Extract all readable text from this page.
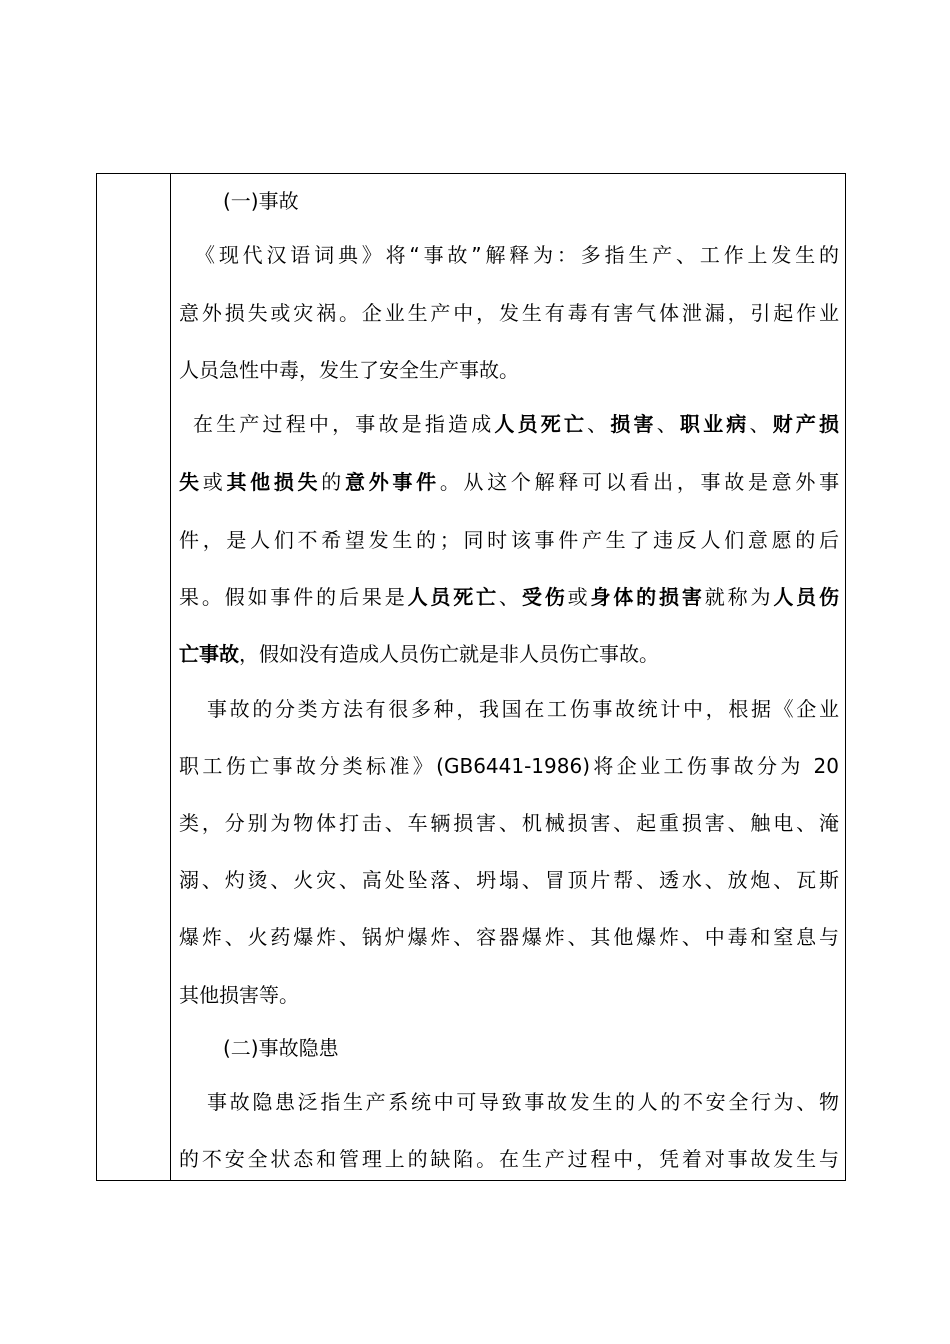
(一)事故
《现代汉语词典》将“事故”解释为：多指生产、工作上发生的
意外损失或灾祸。企业生产中，发生有毒有害气体泄漏，引起作业
人员急性中毒，发生了安全生产事故。
在生产过程中，事故是指造成人员死亡、损害、职业病、财产损
失或其他损失的意外事件。从这个解释可以看出，事故是意外事
件，是人们不希望发生的；同时该事件产生了违反人们意愿的后
果。假如事件的后果是人员死亡、受伤或身体的损害就称为人员伤
亡事故，假如没有造成人员伤亡就是非人员伤亡事故。
事故的分类方法有很多种，我国在工伤事故统计中，根据《企业
职工伤亡事故分类标准》(GB6441-1986)将企业工伤事故分为 20
类，分别为物体打击、车辆损害、机械损害、起重损害、触电、淹
溺、灼烫、火灾、高处坠落、坍塌、冒顶片帮、透水、放炮、瓦斯
爆炸、火药爆炸、锅炉爆炸、容器爆炸、其他爆炸、中毒和窒息与
其他损害等。
(二)事故隐患
事故隐患泛指生产系统中可导致事故发生的人的不安全行为、物
的不安全状态和管理上的缺陷。在生产过程中，凭着对事故发生与
